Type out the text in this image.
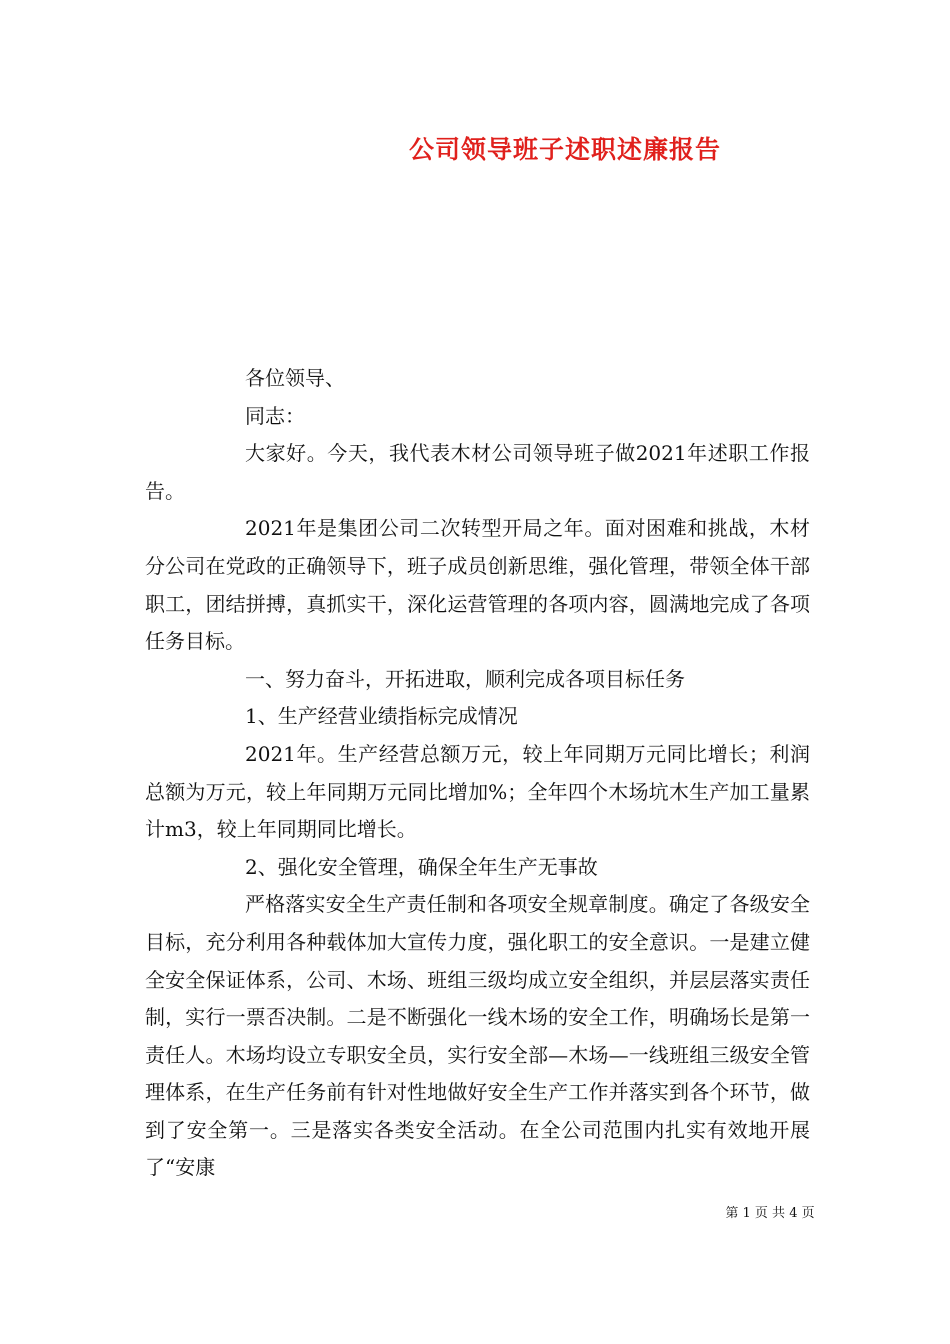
公司领导班子述职述廉报告

各位领导、

同志：

大家好。今天，我代表木材公司领导班子做2021年述职工作报告。

2021年是集团公司二次转型开局之年。面对困难和挑战，木材分公司在党政的正确领导下，班子成员创新思维，强化管理，带领全体干部职工，团结拼搏，真抓实干，深化运营管理的各项内容，圆满地完成了各项任务目标。

一、努力奋斗，开拓进取，顺利完成各项目标任务

1、生产经营业绩指标完成情况

2021年。生产经营总额万元，较上年同期万元同比增长；利润总额为万元，较上年同期万元同比增加%；全年四个木场坑木生产加工量累计m3，较上年同期同比增长。

2、强化安全管理，确保全年生产无事故

严格落实安全生产责任制和各项安全规章制度。确定了各级安全目标，充分利用各种载体加大宣传力度，强化职工的安全意识。一是建立健全安全保证体系，公司、木场、班组三级均成立安全组织，并层层落实责任制，实行一票否决制。二是不断强化一线木场的安全工作，明确场长是第一责任人。木场均设立专职安全员，实行安全部—木场—一线班组三级安全管理体系，在生产任务前有针对性地做好安全生产工作并落实到各个环节，做到了安全第一。三是落实各类安全活动。在全公司范围内扎实有效地开展了“安康

第 1 页 共 4 页
